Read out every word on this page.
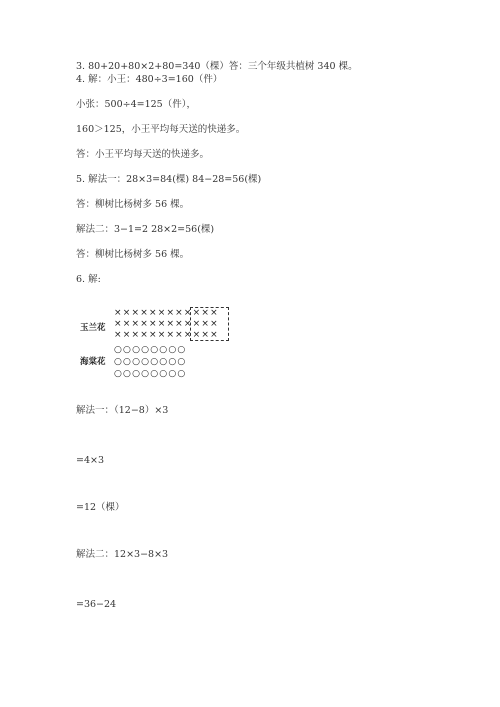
3. 80+20+80×2+80=340（棵）答：三个年级共植树 340 棵。
4. 解：小王：480÷3=160（件）
小张：500÷4=125（件），
160＞125，小王平均每天送的快递多。
答：小王平均每天送的快递多。
5. 解法一：28×3=84(棵) 84−28=56(棵)
答：柳树比杨树多 56 棵。
解法二：3−1=2 28×2=56(棵)
答：柳树比杨树多 56 棵。
6. 解:
玉兰花
××××××××××××
××××××××××××
××××××××××××
海棠花
○○○○○○○○
○○○○○○○○
○○○○○○○○
解法一：（12−8）×3
=4×3
=12（棵）
解法二：12×3−8×3
=36−24
